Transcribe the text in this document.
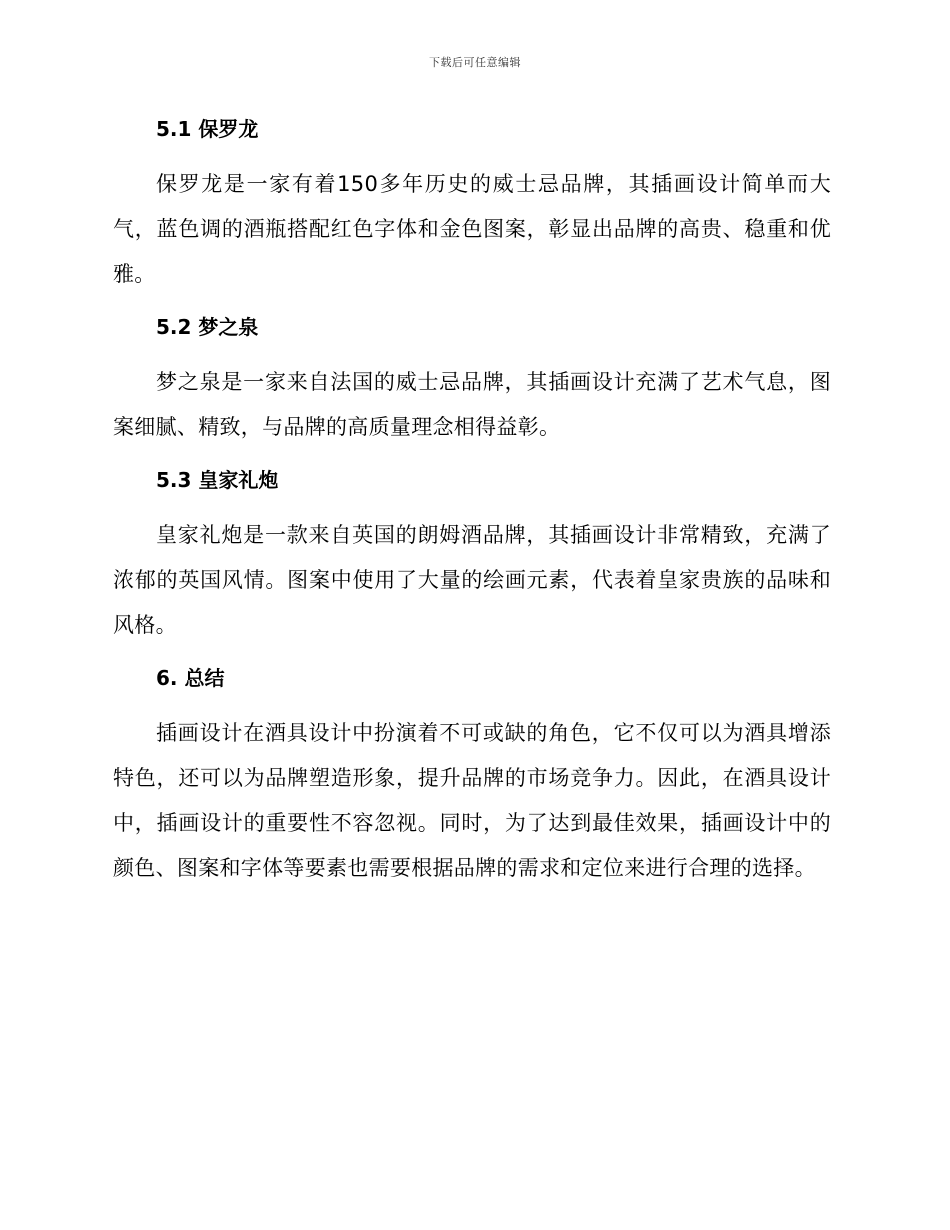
下载后可任意编辑
5.1 保罗龙

保罗龙是一家有着150多年历史的威士忌品牌，其插画设计简单而大气，蓝色调的酒瓶搭配红色字体和金色图案，彰显出品牌的高贵、稳重和优雅。

5.2 梦之泉

梦之泉是一家来自法国的威士忌品牌，其插画设计充满了艺术气息，图案细腻、精致，与品牌的高质量理念相得益彰。

5.3 皇家礼炮

皇家礼炮是一款来自英国的朗姆酒品牌，其插画设计非常精致，充满了浓郁的英国风情。图案中使用了大量的绘画元素，代表着皇家贵族的品味和风格。

6. 总结

插画设计在酒具设计中扮演着不可或缺的角色，它不仅可以为酒具增添特色，还可以为品牌塑造形象，提升品牌的市场竞争力。因此，在酒具设计中，插画设计的重要性不容忽视。同时，为了达到最佳效果，插画设计中的颜色、图案和字体等要素也需要根据品牌的需求和定位来进行合理的选择。
